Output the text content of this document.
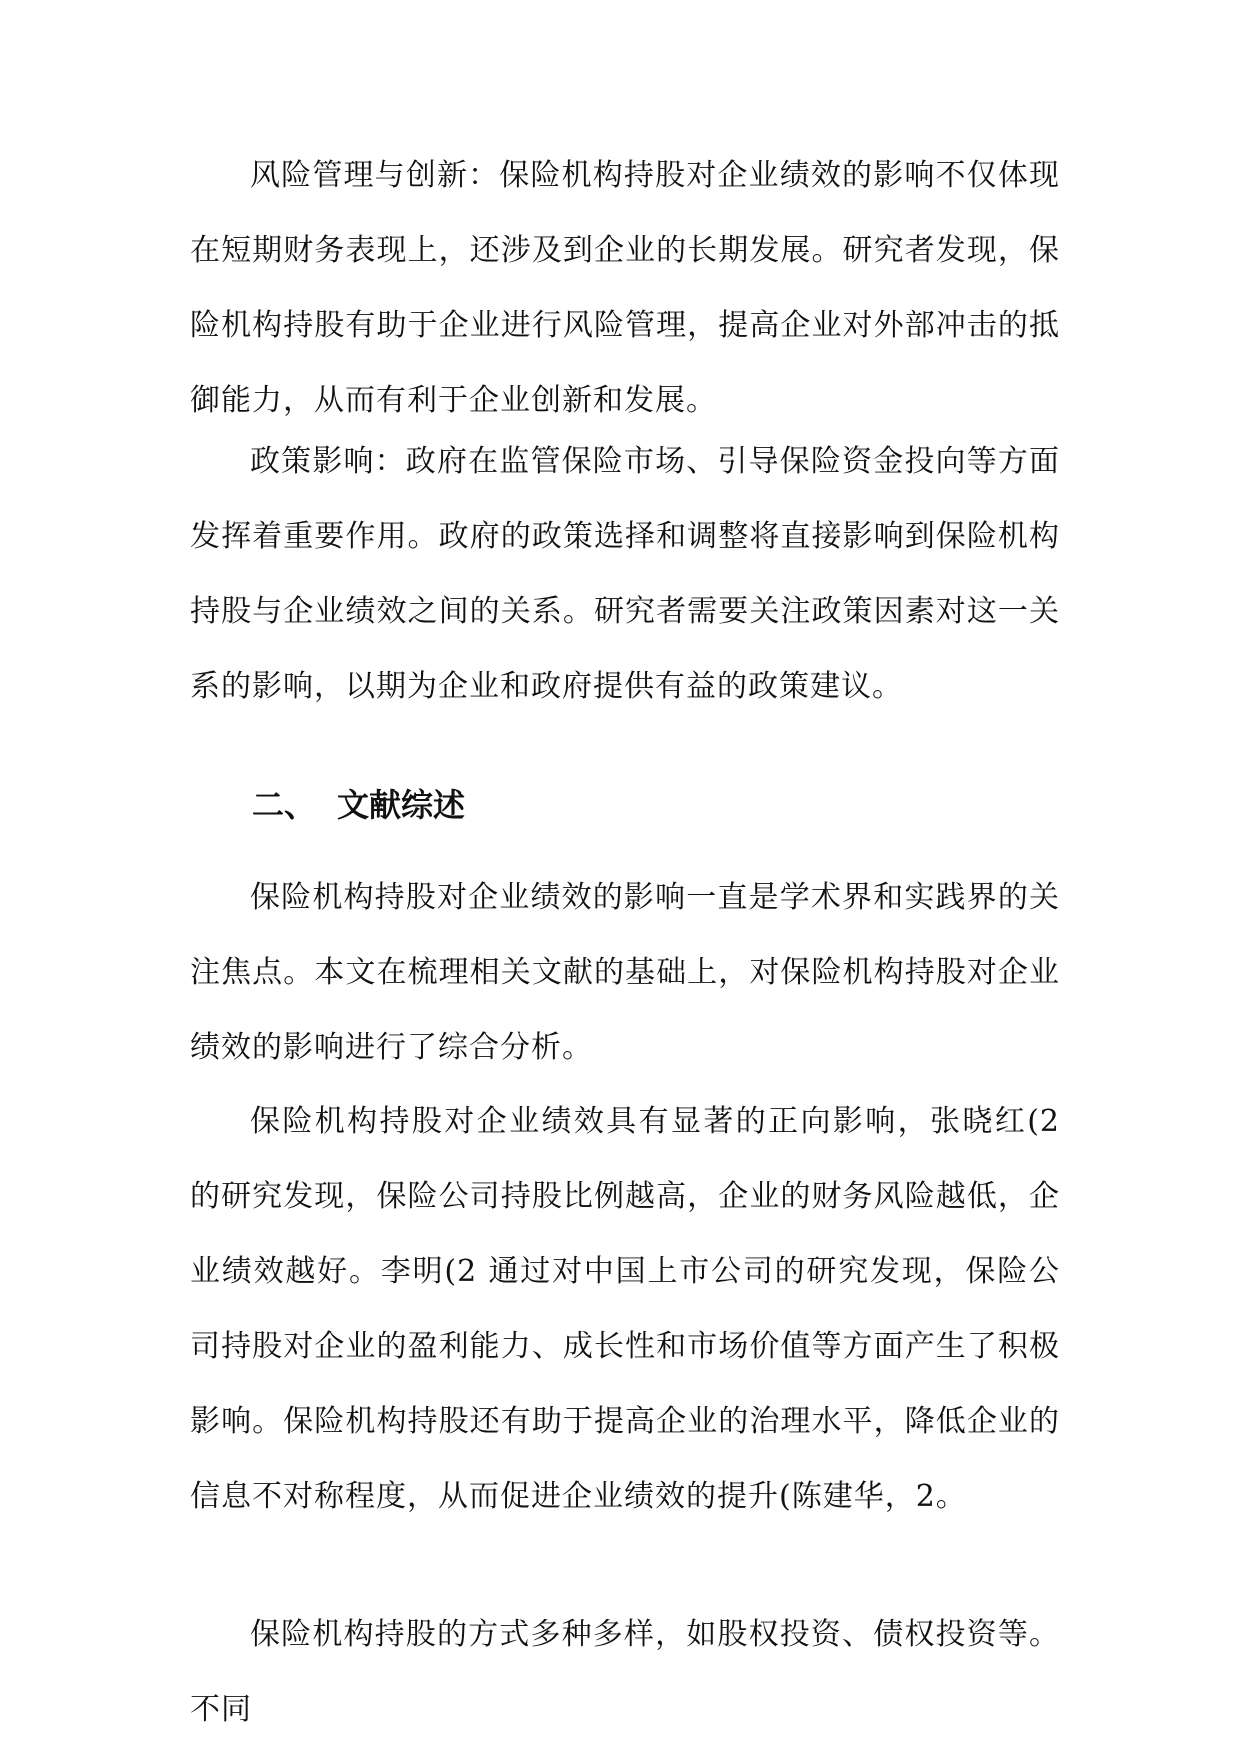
风险管理与创新：保险机构持股对企业绩效的影响不仅体现在短期财务表现上，还涉及到企业的长期发展。研究者发现，保险机构持股有助于企业进行风险管理，提高企业对外部冲击的抵御能力，从而有利于企业创新和发展。

政策影响：政府在监管保险市场、引导保险资金投向等方面发挥着重要作用。政府的政策选择和调整将直接影响到保险机构持股与企业绩效之间的关系。研究者需要关注政策因素对这一关系的影响，以期为企业和政府提供有益的政策建议。

二、 文献综述

保险机构持股对企业绩效的影响一直是学术界和实践界的关注焦点。本文在梳理相关文献的基础上，对保险机构持股对企业绩效的影响进行了综合分析。

保险机构持股对企业绩效具有显著的正向影响，张晓红(2 的研究发现，保险公司持股比例越高，企业的财务风险越低，企业绩效越好。李明(2 通过对中国上市公司的研究发现，保险公司持股对企业的盈利能力、成长性和市场价值等方面产生了积极影响。保险机构持股还有助于提高企业的治理水平，降低企业的信息不对称程度，从而促进企业绩效的提升(陈建华，2。

保险机构持股的方式多种多样，如股权投资、债权投资等。不同
